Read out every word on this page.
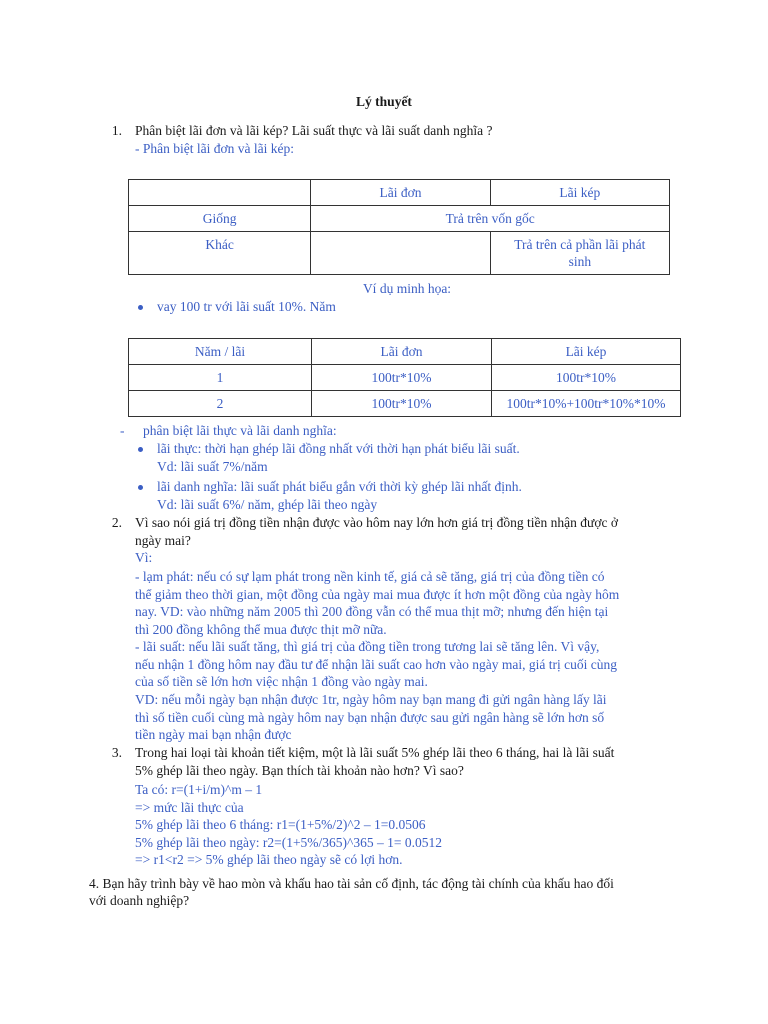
Lý thuyết
1. Phân biệt lãi đơn và lãi kép? Lãi suất thực và lãi suất danh nghĩa ?
- Phân biệt lãi đơn và lãi kép:
	Lãi đơn	Lãi kép
Giống	Trả trên vốn gốc	
Khác		Trả trên cả phần lãi phát
sinh
Ví dụ minh họa:
vay 100 tr với lãi suất 10%. Năm
Năm / lãi	Lãi đơn	Lãi kép
1	100tr*10%	100tr*10%
2	100tr*10%	100tr*10%+100tr*10%*10%
- phân biệt lãi thực và lãi danh nghĩa:
lãi thực: thời hạn ghép lãi đồng nhất với thời hạn phát biểu lãi suất.
Vd: lãi suất 7%/năm
lãi danh nghĩa: lãi suất phát biểu gắn với thời kỳ ghép lãi nhất định.
Vd: lãi suất 6%/ năm, ghép lãi theo ngày
2. Vì sao nói giá trị đồng tiền nhận được vào hôm nay lớn hơn giá trị đồng tiền nhận được ở
ngày mai?
Vì:
- lạm phát: nếu có sự lạm phát trong nền kinh tế, giá cả sẽ tăng, giá trị của đồng tiền có
thể giảm theo thời gian, một đồng của ngày mai mua được ít hơn một đồng của ngày hôm
nay. VD: vào những năm 2005 thì 200 đồng vẫn có thể mua thịt mỡ; nhưng đến hiện tại
thì 200 đồng không thể mua được thịt mỡ nữa.
- lãi suất: nếu lãi suất tăng, thì giá trị của đồng tiền trong tương lai sẽ tăng lên. Vì vậy,
nếu nhận 1 đồng hôm nay đầu tư để nhận lãi suất cao hơn vào ngày mai, giá trị cuối cùng
của số tiền sẽ lớn hơn việc nhận 1 đồng vào ngày mai.
VD: nếu mỗi ngày bạn nhận được 1tr, ngày hôm nay bạn mang đi gửi ngân hàng lấy lãi
thì số tiền cuối cùng mà ngày hôm nay bạn nhận được sau gửi ngân hàng sẽ lớn hơn số
tiền ngày mai bạn nhận được
3. Trong hai loại tài khoản tiết kiệm, một là lãi suất 5% ghép lãi theo 6 tháng, hai là lãi suất
5% ghép lãi theo ngày. Bạn thích tài khoản nào hơn? Vì sao?
Ta có: r=(1+i/m)^m – 1
=> mức lãi thực của
5% ghép lãi theo 6 tháng: r1=(1+5%/2)^2 – 1=0.0506
5% ghép lãi theo ngày: r2=(1+5%/365)^365 – 1= 0.0512
=> r1<r2 => 5% ghép lãi theo ngày sẽ có lợi hơn.
4. Bạn hãy trình bày về hao mòn và khấu hao tài sản cố định, tác động tài chính của khấu hao đối
với doanh nghiệp?
